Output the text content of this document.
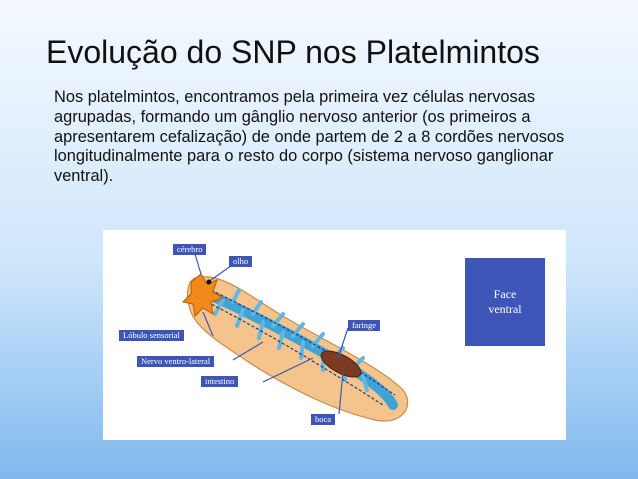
Evolução do SNP nos Platelmintos

Nos platelmintos, encontramos pela primeira vez células nervosas agrupadas, formando um gânglio nervoso anterior (os primeiros a apresentarem cefalização) de onde partem de 2 a 8 cordões nervosos longitudinalmente para o resto do corpo (sistema nervoso ganglionar ventral).

cérebro
olho
faringe
Lóbulo sensorial
Nervo ventro-lateral
intestino
boca
Face
ventral
